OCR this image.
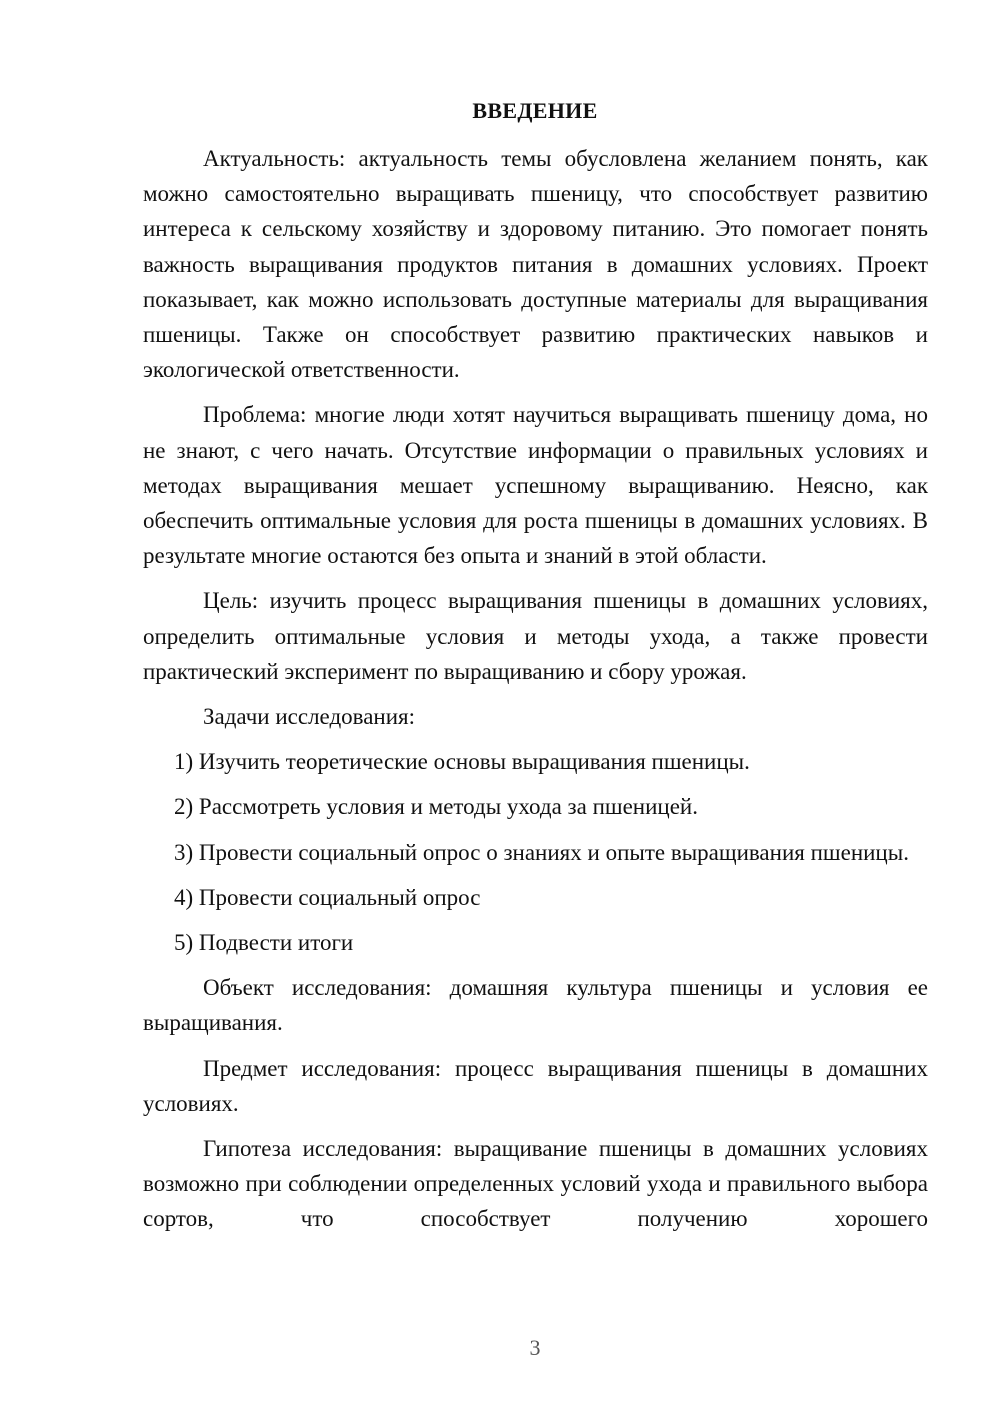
ВВЕДЕНИЕ

Актуальность: актуальность темы обусловлена желанием понять, как можно самостоятельно выращивать пшеницу, что способствует развитию интереса к сельскому хозяйству и здоровому питанию. Это помогает понять важность выращивания продуктов питания в домашних условиях. Проект показывает, как можно использовать доступные материалы для выращивания пшеницы. Также он способствует развитию практических навыков и экологической ответственности.

Проблема: многие люди хотят научиться выращивать пшеницу дома, но не знают, с чего начать. Отсутствие информации о правильных условиях и методах выращивания мешает успешному выращиванию. Неясно, как обеспечить оптимальные условия для роста пшеницы в домашних условиях. В результате многие остаются без опыта и знаний в этой области.

Цель: изучить процесс выращивания пшеницы в домашних условиях, определить оптимальные условия и методы ухода, а также провести практический эксперимент по выращиванию и сбору урожая.

Задачи исследования:

1) Изучить теоретические основы выращивания пшеницы.

2) Рассмотреть условия и методы ухода за пшеницей.

3) Провести социальный опрос о знаниях и опыте выращивания пшеницы.

4) Провести социальный опрос

5) Подвести итоги

Объект исследования: домашняя культура пшеницы и условия ее выращивания.

Предмет исследования: процесс выращивания пшеницы в домашних условиях.

Гипотеза исследования: выращивание пшеницы в домашних условиях возможно при соблюдении определенных условий ухода и правильного выбора сортов, что способствует получению хорошего

3
